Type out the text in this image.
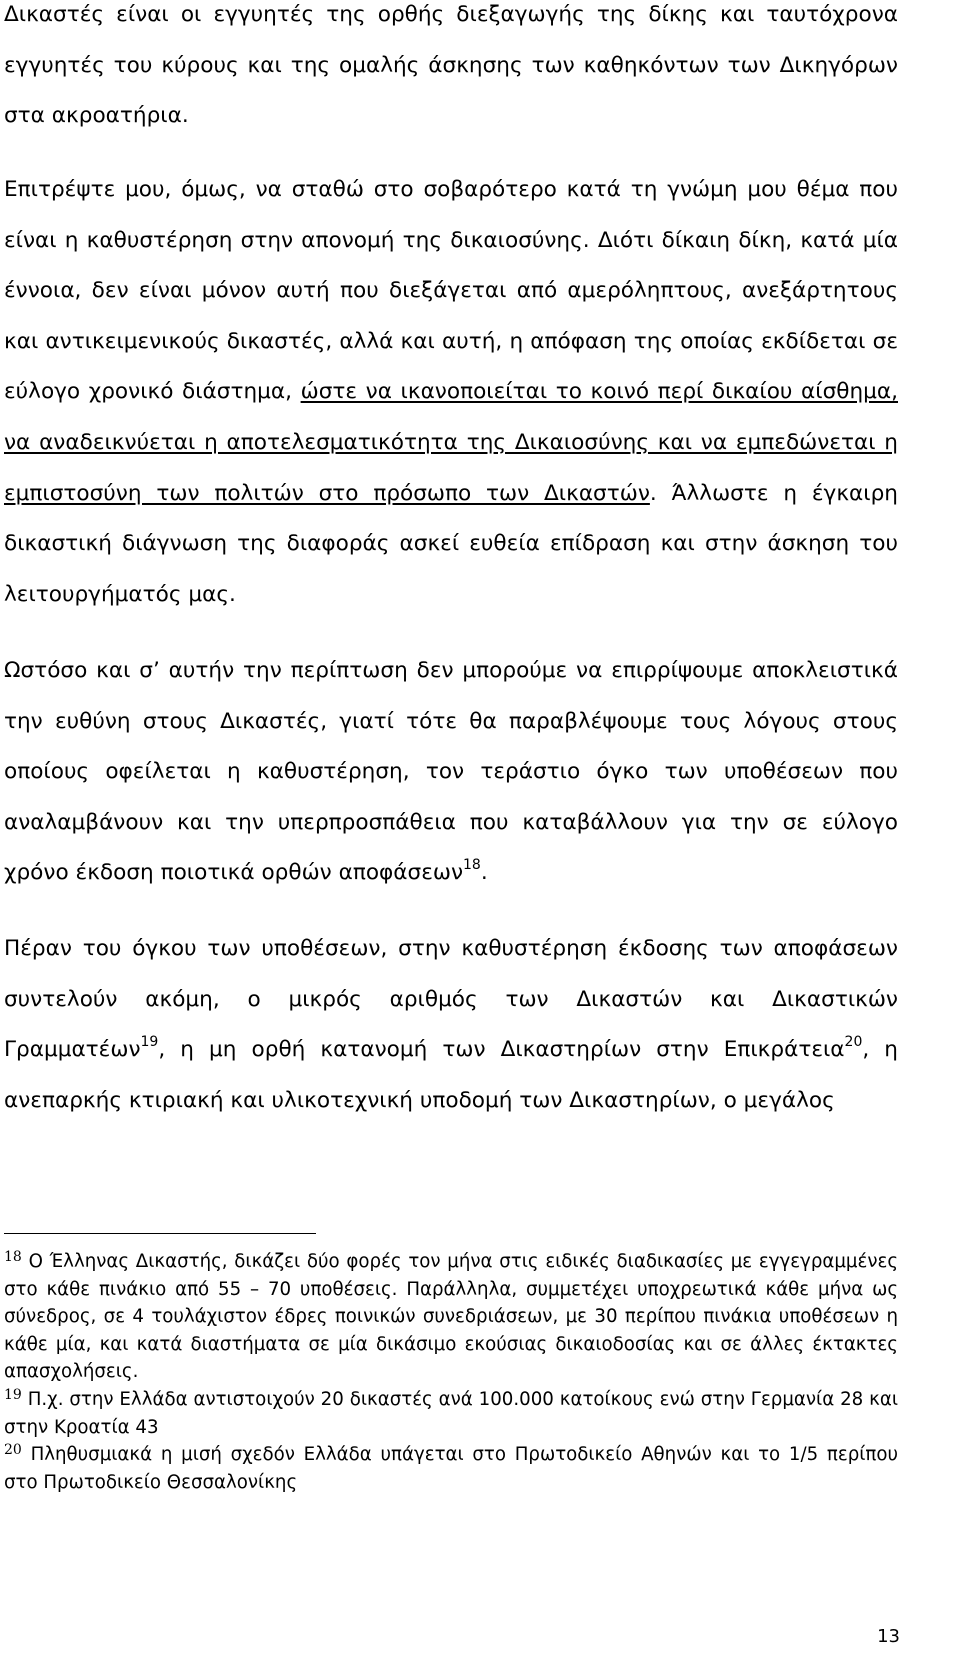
Δικαστές είναι οι εγγυητές της ορθής διεξαγωγής της δίκης και ταυτόχρονα εγγυητές του κύρους και της ομαλής άσκησης των καθηκόντων των Δικηγόρων στα ακροατήρια.

Επιτρέψτε μου, όμως, να σταθώ στο σοβαρότερο κατά τη γνώμη μου θέμα που είναι η καθυστέρηση στην απονομή της δικαιοσύνης. Διότι δίκαιη δίκη, κατά μία έννοια, δεν είναι μόνον αυτή που διεξάγεται από αμερόληπτους, ανεξάρτητους και αντικειμενικούς δικαστές, αλλά και αυτή, η απόφαση της οποίας εκδίδεται σε εύλογο χρονικό διάστημα, ώστε να ικανοποιείται το κοινό περί δικαίου αίσθημα, να αναδεικνύεται η αποτελεσματικότητα της Δικαιοσύνης και να εμπεδώνεται η εμπιστοσύνη των πολιτών στο πρόσωπο των Δικαστών. Άλλωστε η έγκαιρη δικαστική διάγνωση της διαφοράς ασκεί ευθεία επίδραση και στην άσκηση του λειτουργήματός μας.

Ωστόσο και σ’ αυτήν την περίπτωση δεν μπορούμε να επιρρίψουμε αποκλειστικά την ευθύνη στους Δικαστές, γιατί τότε θα παραβλέψουμε τους λόγους στους οποίους οφείλεται η καθυστέρηση, τον τεράστιο όγκο των υποθέσεων που αναλαμβάνουν και την υπερπροσπάθεια που καταβάλλουν για την σε εύλογο χρόνο έκδοση ποιοτικά ορθών αποφάσεων$^{18}$.

Πέραν του όγκου των υποθέσεων, στην καθυστέρηση έκδοσης των αποφάσεων συντελούν ακόμη, ο μικρός αριθμός των Δικαστών και Δικαστικών Γραμματέων$^{19}$, η μη ορθή κατανομή των Δικαστηρίων στην Επικράτεια$^{20}$, η ανεπαρκής κτιριακή και υλικοτεχνική υποδομή των Δικαστηρίων, ο μεγάλος

$^{18}$ Ο Έλληνας Δικαστής, δικάζει δύο φορές τον μήνα στις ειδικές διαδικασίες με εγγεγραμμένες στο κάθε πινάκιο από 55 – 70 υποθέσεις. Παράλληλα, συμμετέχει υποχρεωτικά κάθε μήνα ως σύνεδρος, σε 4 τουλάχιστον έδρες ποινικών συνεδριάσεων, με 30 περίπου πινάκια υποθέσεων η κάθε μία, και κατά διαστήματα σε μία δικάσιμο εκούσιας δικαιοδοσίας και σε άλλες έκτακτες απασχολήσεις.

$^{19}$ Π.χ. στην Ελλάδα αντιστοιχούν 20 δικαστές ανά 100.000 κατοίκους ενώ στην Γερμανία 28 και στην Κροατία 43

$^{20}$ Πληθυσμιακά η μισή σχεδόν Ελλάδα υπάγεται στο Πρωτοδικείο Αθηνών και το 1/5 περίπου στο Πρωτοδικείο Θεσσαλονίκης

13
